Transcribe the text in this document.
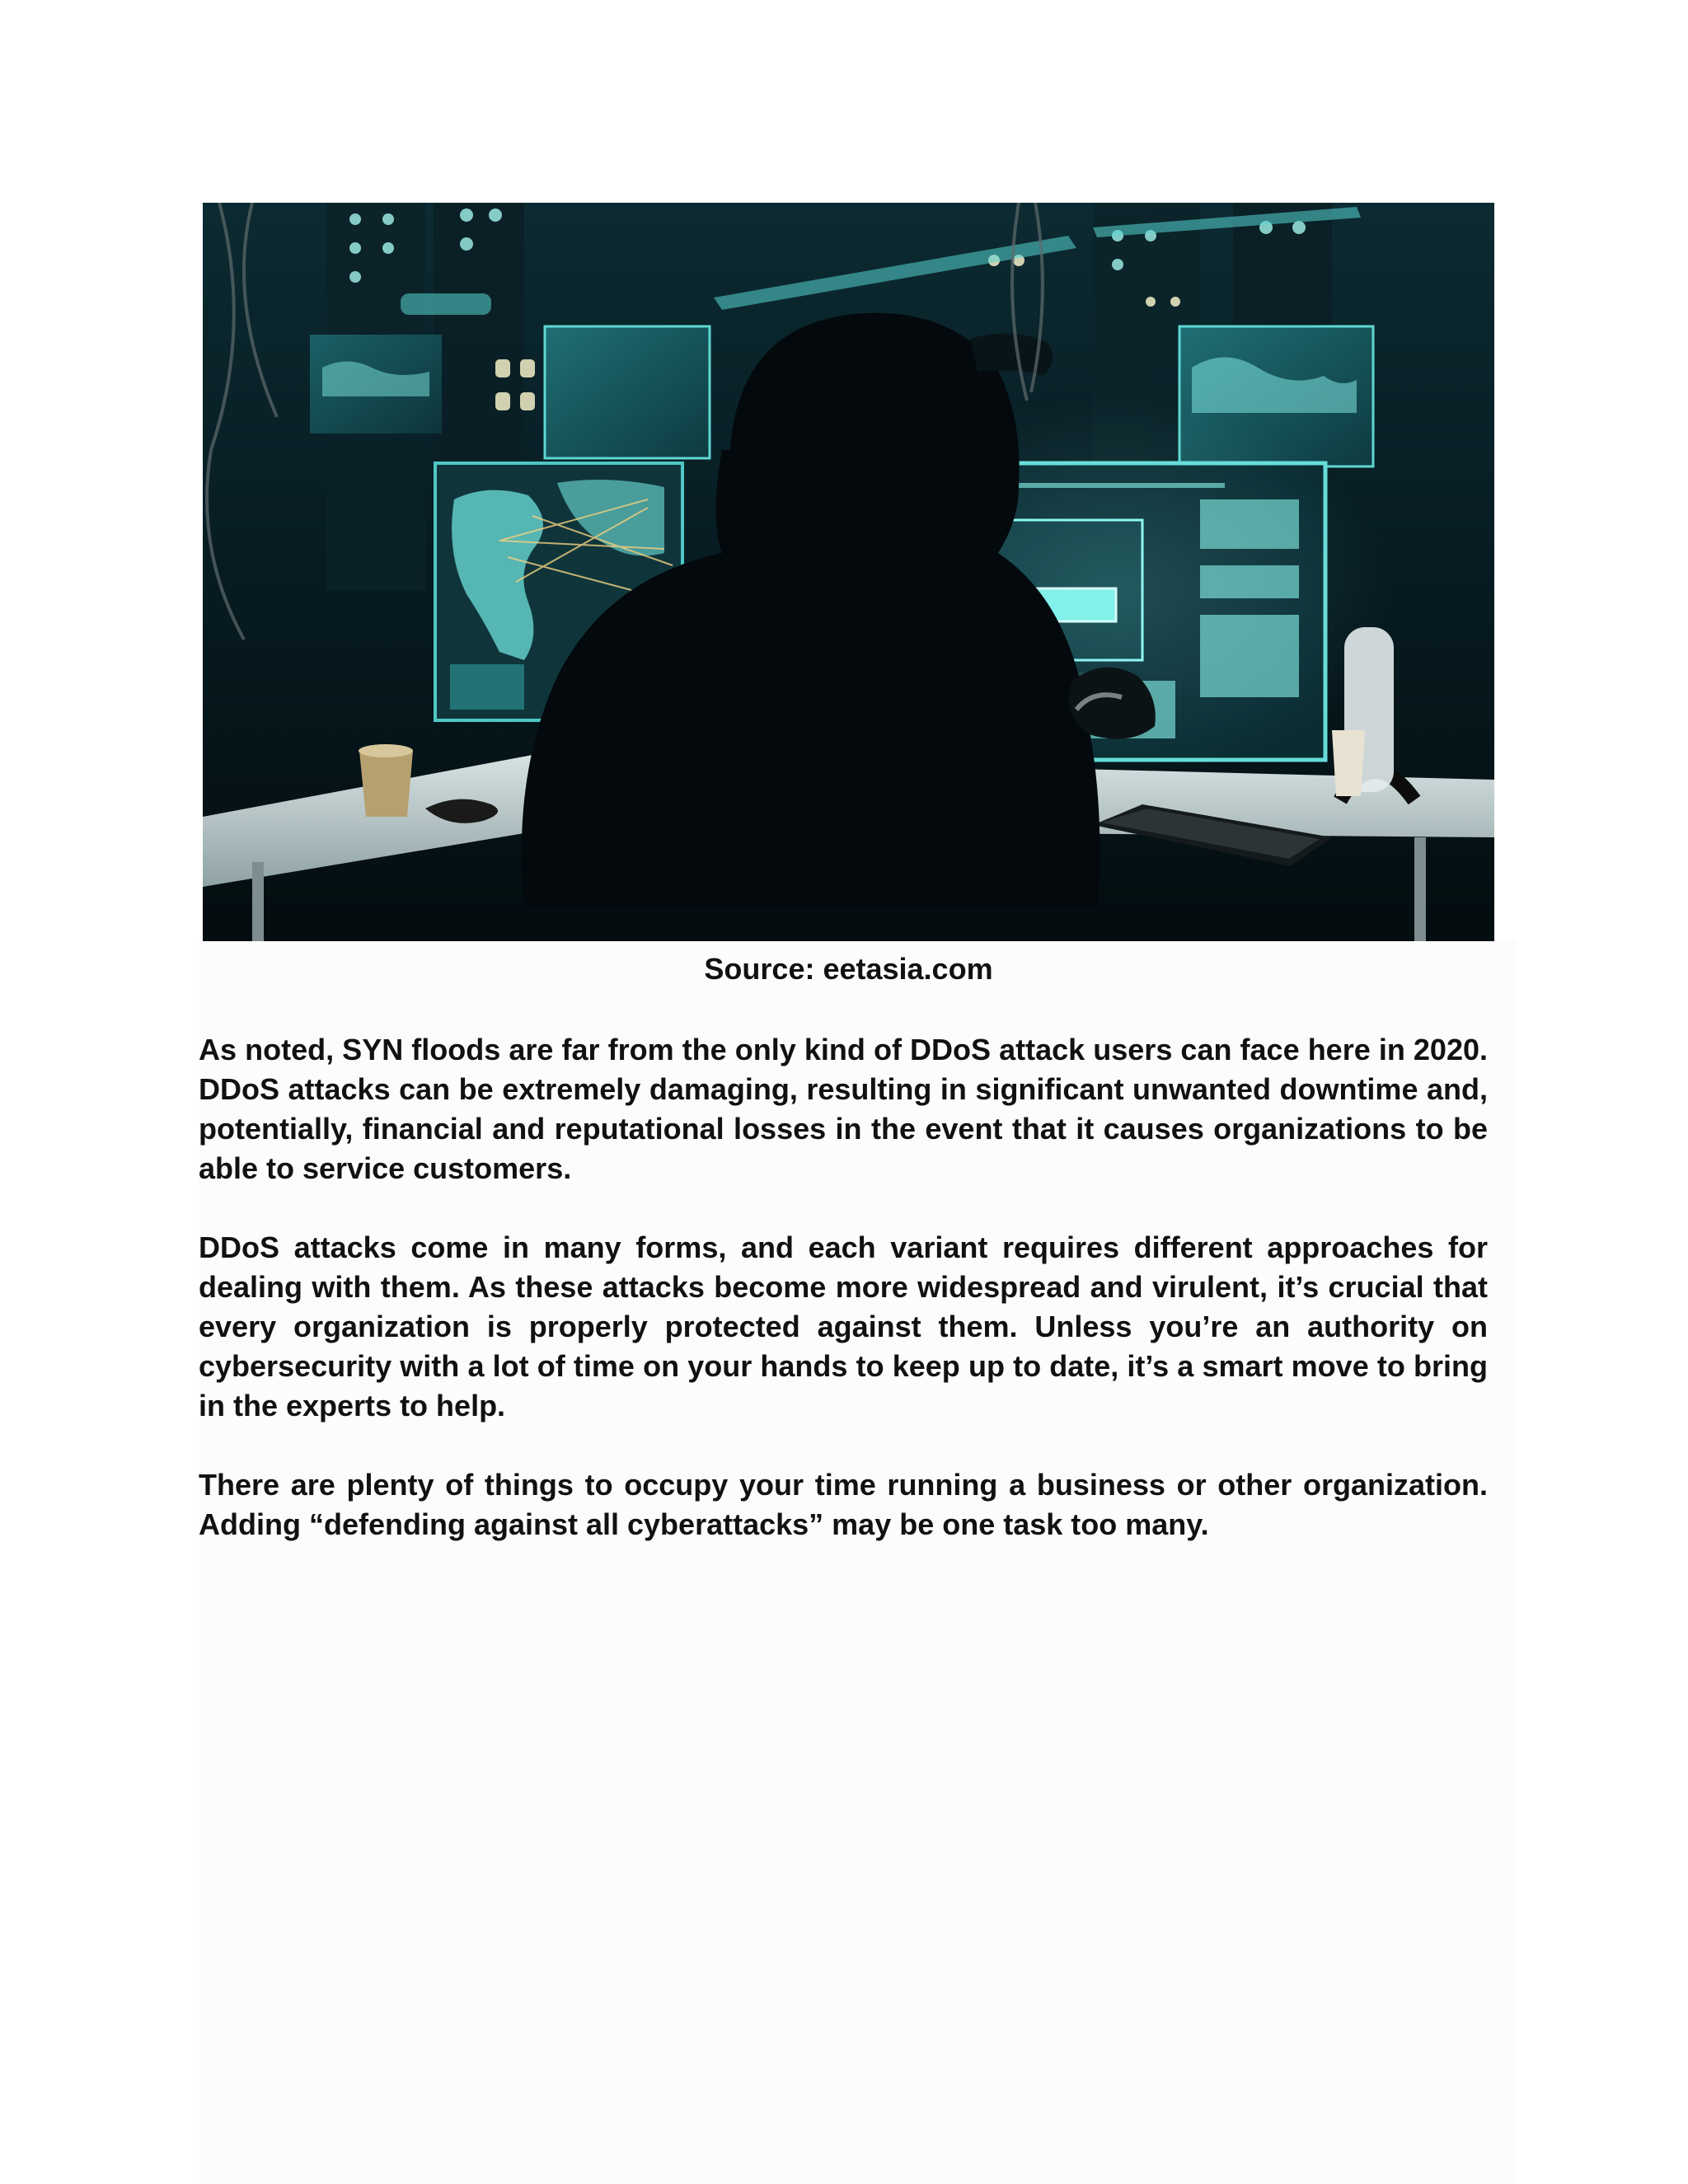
Source: eetasia.com

As noted, SYN floods are far from the only kind of DDoS attack users can face here in 2020. DDoS attacks can be extremely damaging, resulting in significant unwanted downtime and, potentially, financial and reputational losses in the event that it causes organizations to be able to service customers.

DDoS attacks come in many forms, and each variant requires different approaches for dealing with them. As these attacks become more widespread and virulent, it’s crucial that every organization is properly protected against them. Unless you’re an authority on cybersecurity with a lot of time on your hands to keep up to date, it’s a smart move to bring in the experts to help.

There are plenty of things to occupy your time running a business or other organization. Adding “defending against all cyberattacks” may be one task too many.
